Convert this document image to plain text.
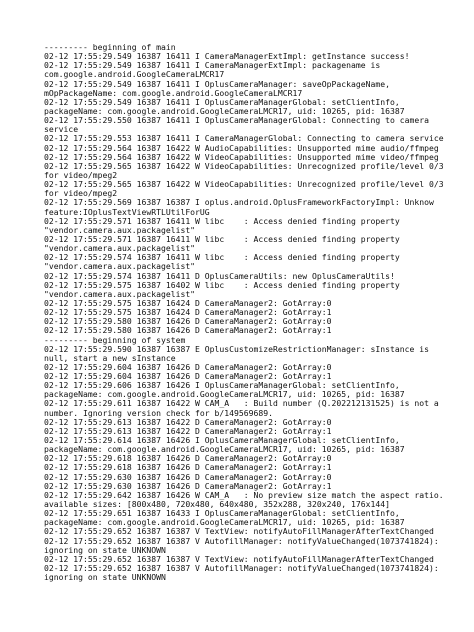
--------- beginning of main
02-12 17:55:29.549 16387 16411 I CameraManagerExtImpl: getInstance success!
02-12 17:55:29.549 16387 16411 I CameraManagerExtImpl: packagename is
com.google.android.GoogleCameraLMCR17
02-12 17:55:29.549 16387 16411 I OplusCameraManager: saveOpPackageName,
mOpPackageName: com.google.android.GoogleCameraLMCR17
02-12 17:55:29.549 16387 16411 I OplusCameraManagerGlobal: setClientInfo,
packageName: com.google.android.GoogleCameraLMCR17, uid: 10265, pid: 16387
02-12 17:55:29.550 16387 16411 I OplusCameraManagerGlobal: Connecting to camera
service
02-12 17:55:29.553 16387 16411 I CameraManagerGlobal: Connecting to camera service
02-12 17:55:29.564 16387 16422 W AudioCapabilities: Unsupported mime audio/ffmpeg
02-12 17:55:29.564 16387 16422 W VideoCapabilities: Unsupported mime video/ffmpeg
02-12 17:55:29.565 16387 16422 W VideoCapabilities: Unrecognized profile/level 0/3
for video/mpeg2
02-12 17:55:29.565 16387 16422 W VideoCapabilities: Unrecognized profile/level 0/3
for video/mpeg2
02-12 17:55:29.569 16387 16387 I oplus.android.OplusFrameworkFactoryImpl: Unknow
feature:IOplusTextViewRTLUtilForUG
02-12 17:55:29.571 16387 16411 W libc    : Access denied finding property
"vendor.camera.aux.packagelist"
02-12 17:55:29.571 16387 16411 W libc    : Access denied finding property
"vendor.camera.aux.packagelist"
02-12 17:55:29.574 16387 16411 W libc    : Access denied finding property
"vendor.camera.aux.packagelist"
02-12 17:55:29.574 16387 16411 D OplusCameraUtils: new OplusCameraUtils!
02-12 17:55:29.575 16387 16402 W libc    : Access denied finding property
"vendor.camera.aux.packagelist"
02-12 17:55:29.575 16387 16424 D CameraManager2: GotArray:0
02-12 17:55:29.575 16387 16424 D CameraManager2: GotArray:1
02-12 17:55:29.580 16387 16426 D CameraManager2: GotArray:0
02-12 17:55:29.580 16387 16426 D CameraManager2: GotArray:1
--------- beginning of system
02-12 17:55:29.590 16387 16387 E OplusCustomizeRestrictionManager: sInstance is
null, start a new sInstance
02-12 17:55:29.604 16387 16426 D CameraManager2: GotArray:0
02-12 17:55:29.604 16387 16426 D CameraManager2: GotArray:1
02-12 17:55:29.606 16387 16426 I OplusCameraManagerGlobal: setClientInfo,
packageName: com.google.android.GoogleCameraLMCR17, uid: 10265, pid: 16387
02-12 17:55:29.611 16387 16422 W CAM_A   : Build number (Q.202212131525) is not a
number. Ignoring version check for b/149569689.
02-12 17:55:29.613 16387 16422 D CameraManager2: GotArray:0
02-12 17:55:29.613 16387 16422 D CameraManager2: GotArray:1
02-12 17:55:29.614 16387 16426 I OplusCameraManagerGlobal: setClientInfo,
packageName: com.google.android.GoogleCameraLMCR17, uid: 10265, pid: 16387
02-12 17:55:29.618 16387 16426 D CameraManager2: GotArray:0
02-12 17:55:29.618 16387 16426 D CameraManager2: GotArray:1
02-12 17:55:29.630 16387 16426 D CameraManager2: GotArray:0
02-12 17:55:29.630 16387 16426 D CameraManager2: GotArray:1
02-12 17:55:29.642 16387 16426 W CAM_A   : No preview size match the aspect ratio.
available sizes: [800x480, 720x480, 640x480, 352x288, 320x240, 176x144]
02-12 17:55:29.651 16387 16433 I OplusCameraManagerGlobal: setClientInfo,
packageName: com.google.android.GoogleCameraLMCR17, uid: 10265, pid: 16387
02-12 17:55:29.652 16387 16387 V TextView: notifyAutoFillManagerAfterTextChanged
02-12 17:55:29.652 16387 16387 V AutofillManager: notifyValueChanged(1073741824):
ignoring on state UNKNOWN
02-12 17:55:29.652 16387 16387 V TextView: notifyAutoFillManagerAfterTextChanged
02-12 17:55:29.652 16387 16387 V AutofillManager: notifyValueChanged(1073741824):
ignoring on state UNKNOWN
